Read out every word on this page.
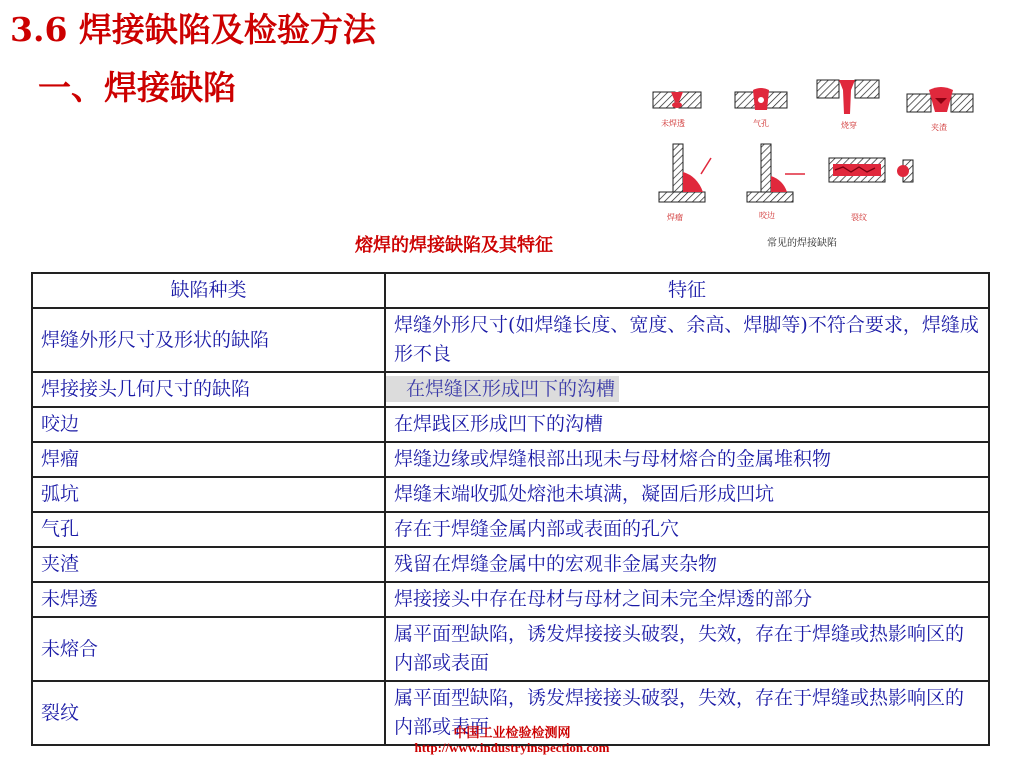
3.6 焊接缺陷及检验方法
一、焊接缺陷
未焊透	气孔	烧穿	夹渣
焊瘤	咬边	裂纹
常见的焊接缺陷
熔焊的焊接缺陷及其特征
缺陷种类	特征
焊缝外形尺寸及形状的缺陷	焊缝外形尺寸(如焊缝长度、宽度、余高、焊脚等)不符合要求，焊缝成形不良
焊接接头几何尺寸的缺陷	在焊缝区形成凹下的沟槽
咬边	在焊践区形成凹下的沟槽
焊瘤	焊缝边缘或焊缝根部出现未与母材熔合的金属堆积物
弧坑	焊缝末端收弧处熔池未填满，凝固后形成凹坑
气孔	存在于焊缝金属内部或表面的孔穴
夹渣	残留在焊缝金属中的宏观非金属夹杂物
未焊透	焊接接头中存在母材与母材之间未完全焊透的部分
未熔合	属平面型缺陷，诱发焊接接头破裂，失效，存在于焊缝或热影响区的内部或表面
裂纹	属平面型缺陷，诱发焊接接头破裂，失效，存在于焊缝或热影响区的内部或表面
中国工业检验检测网
http://www.industryinspection.com
